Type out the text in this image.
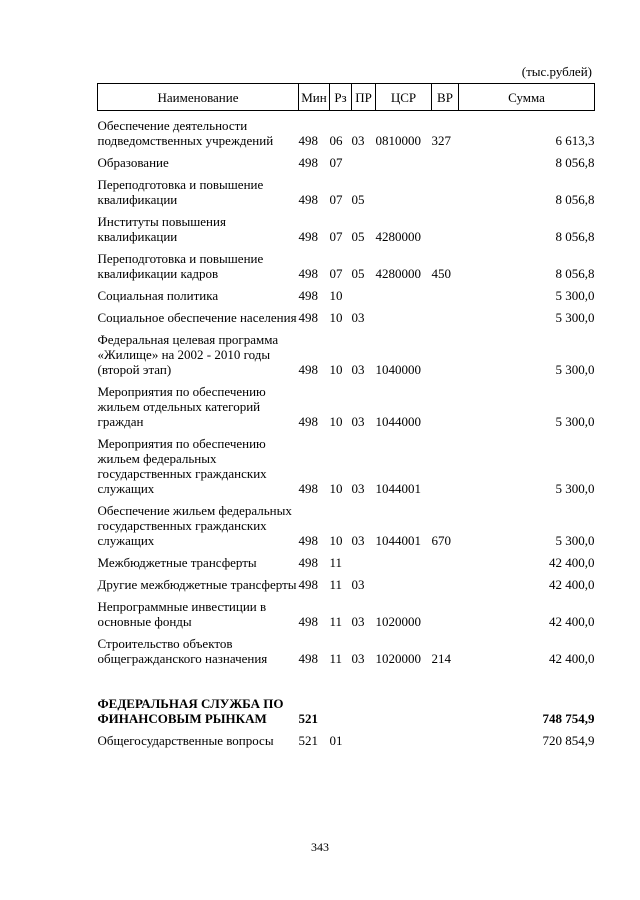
(тыс.рублей)
Наименование	Мин	Рз	ПР	ЦСР	ВР	Сумма

Обеспечение деятельности подведомственных учреждений	498	06	03	0810000	327	6 613,3

Образование	498	07				8 056,8

Переподготовка и повышение квалификации	498	07	05			8 056,8

Институты повышения квалификации	498	07	05	4280000		8 056,8

Переподготовка и повышение квалификации кадров	498	07	05	4280000	450	8 056,8

Социальная политика	498	10				5 300,0

Социальное обеспечение населения	498	10	03			5 300,0

Федеральная целевая программа «Жилище» на 2002 - 2010 годы (второй этап)	498	10	03	1040000		5 300,0

Мероприятия по обеспечению жильем отдельных категорий граждан	498	10	03	1044000		5 300,0

Мероприятия по обеспечению жильем федеральных государственных гражданских служащих	498	10	03	1044001		5 300,0

Обеспечение жильем федеральных государственных гражданских служащих	498	10	03	1044001	670	5 300,0

Межбюджетные трансферты	498	11				42 400,0

Другие межбюджетные трансферты	498	11	03			42 400,0

Непрограммные инвестиции в основные фонды	498	11	03	1020000		42 400,0

Строительство объектов общегражданского назначения	498	11	03	1020000	214	42 400,0

ФЕДЕРАЛЬНАЯ СЛУЖБА ПО ФИНАНСОВЫМ РЫНКАМ	521					748 754,9

Общегосударственные вопросы	521	01				720 854,9
343
